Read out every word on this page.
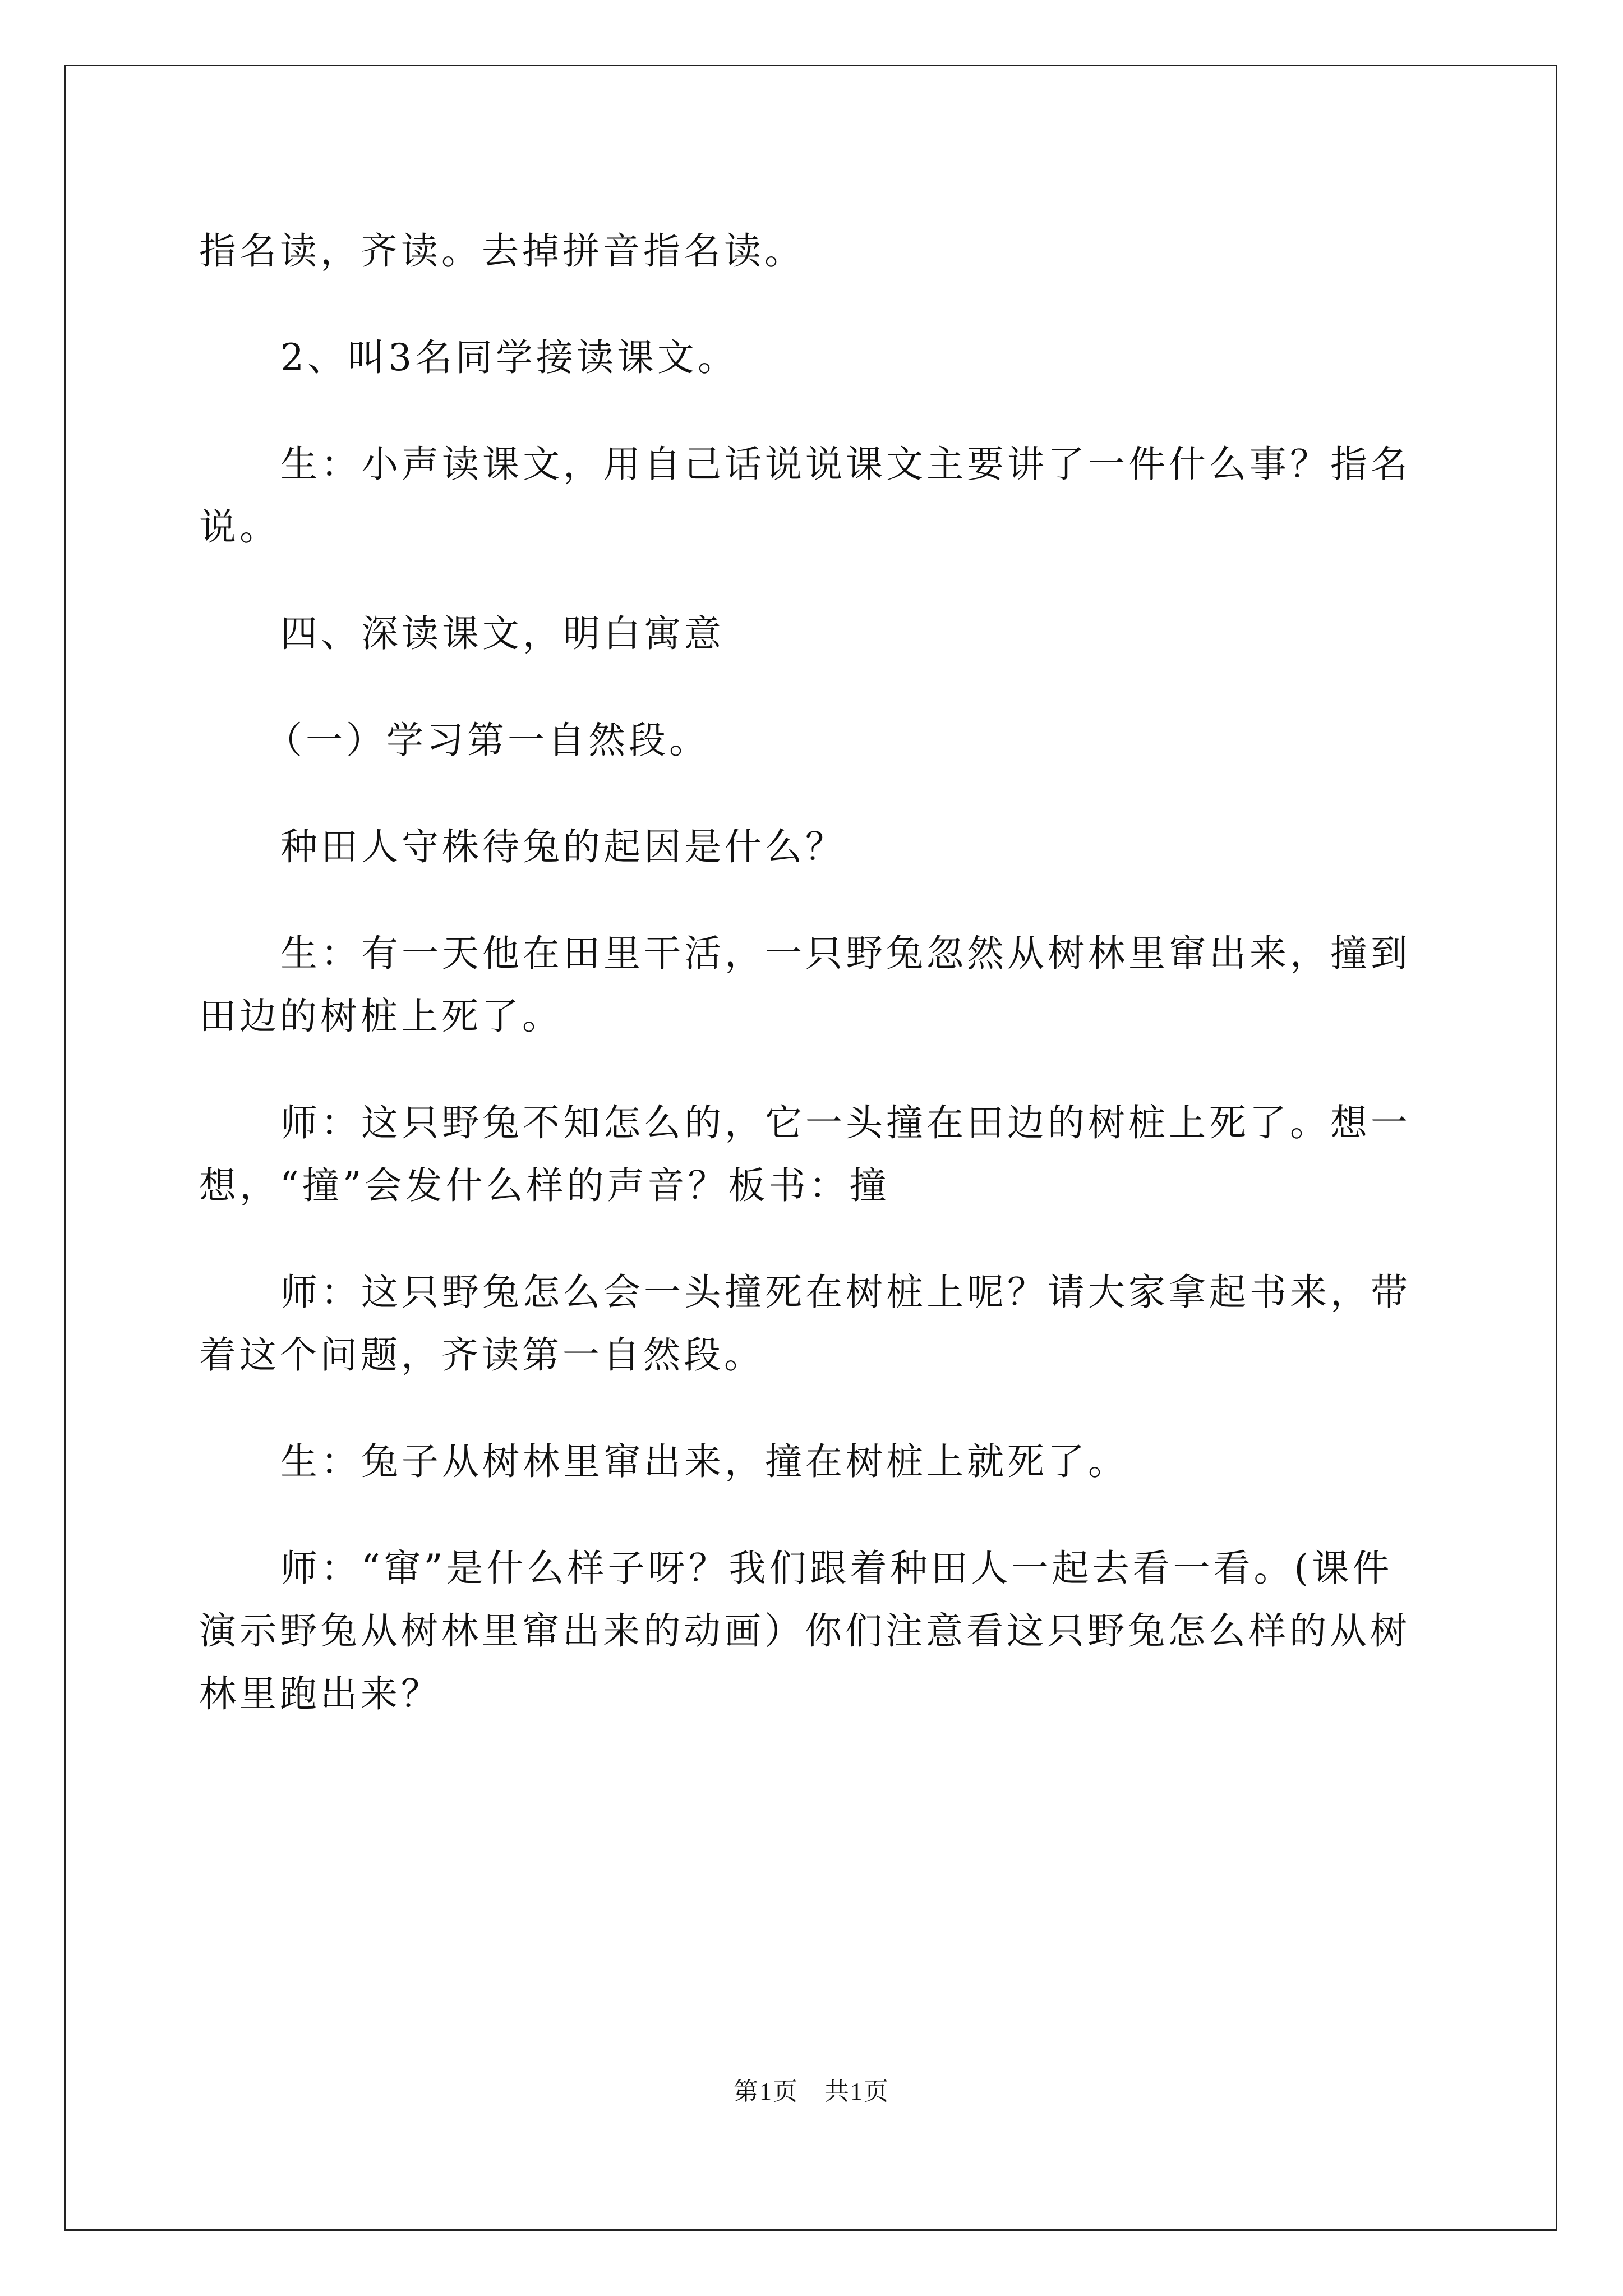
指名读，齐读。去掉拼音指名读。
2、叫3名同学接读课文。
生：小声读课文，用自己话说说课文主要讲了一件什么事？指名
说。
四、深读课文，明白寓意
（一）学习第一自然段。
种田人守株待兔的起因是什么？
生：有一天他在田里干活，一只野兔忽然从树林里窜出来，撞到
田边的树桩上死了。
师：这只野兔不知怎么的，它一头撞在田边的树桩上死了。想一
想，“撞”会发什么样的声音？板书：撞
师：这只野兔怎么会一头撞死在树桩上呢？请大家拿起书来，带
着这个问题，齐读第一自然段。
生：兔子从树林里窜出来，撞在树桩上就死了。
师：“窜”是什么样子呀？我们跟着种田人一起去看一看。(课件
演示野兔从树林里窜出来的动画）你们注意看这只野兔怎么样的从树
林里跑出来？
第1页　共1页
